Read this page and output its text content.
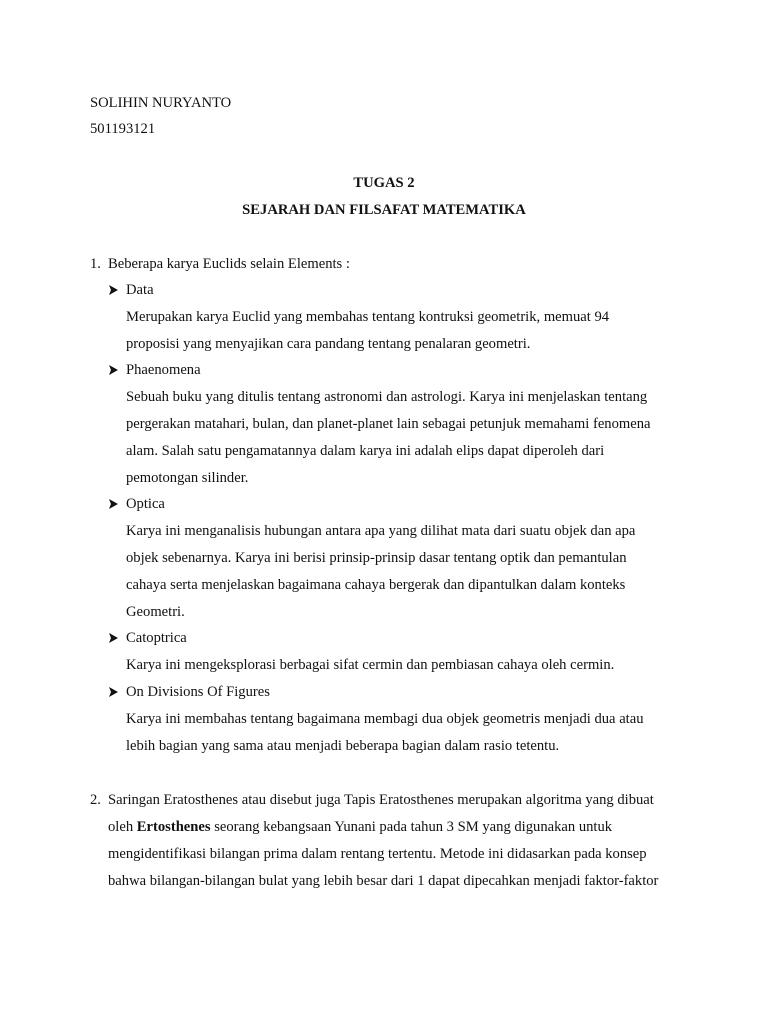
SOLIHIN NURYANTO
501193121
TUGAS 2
SEJARAH DAN FILSAFAT MATEMATIKA
1. Beberapa karya Euclids selain Elements :
Data
Merupakan karya Euclid yang membahas tentang kontruksi geometrik, memuat 94
proposisi yang menyajikan cara pandang tentang penalaran geometri.
Phaenomena
Sebuah buku yang ditulis tentang astronomi dan astrologi. Karya ini menjelaskan tentang
pergerakan matahari, bulan, dan planet-planet lain sebagai petunjuk memahami fenomena
alam. Salah satu pengamatannya dalam karya ini adalah elips dapat diperoleh dari
pemotongan silinder.
Optica
Karya ini menganalisis hubungan antara apa yang dilihat mata dari suatu objek dan apa
objek sebenarnya. Karya ini berisi prinsip-prinsip dasar tentang optik dan pemantulan
cahaya serta menjelaskan bagaimana cahaya bergerak dan dipantulkan dalam konteks
Geometri.
Catoptrica
Karya ini mengeksplorasi berbagai sifat cermin dan pembiasan cahaya oleh cermin.
On Divisions Of Figures
Karya ini membahas tentang bagaimana membagi dua objek geometris menjadi dua atau
lebih bagian yang sama atau menjadi beberapa bagian dalam rasio tetentu.
2. Saringan Eratosthenes atau disebut juga Tapis Eratosthenes merupakan algoritma yang dibuat
oleh Ertosthenes seorang kebangsaan Yunani pada tahun 3 SM yang digunakan untuk
mengidentifikasi bilangan prima dalam rentang tertentu. Metode ini didasarkan pada konsep
bahwa bilangan-bilangan bulat yang lebih besar dari 1 dapat dipecahkan menjadi faktor-faktor
